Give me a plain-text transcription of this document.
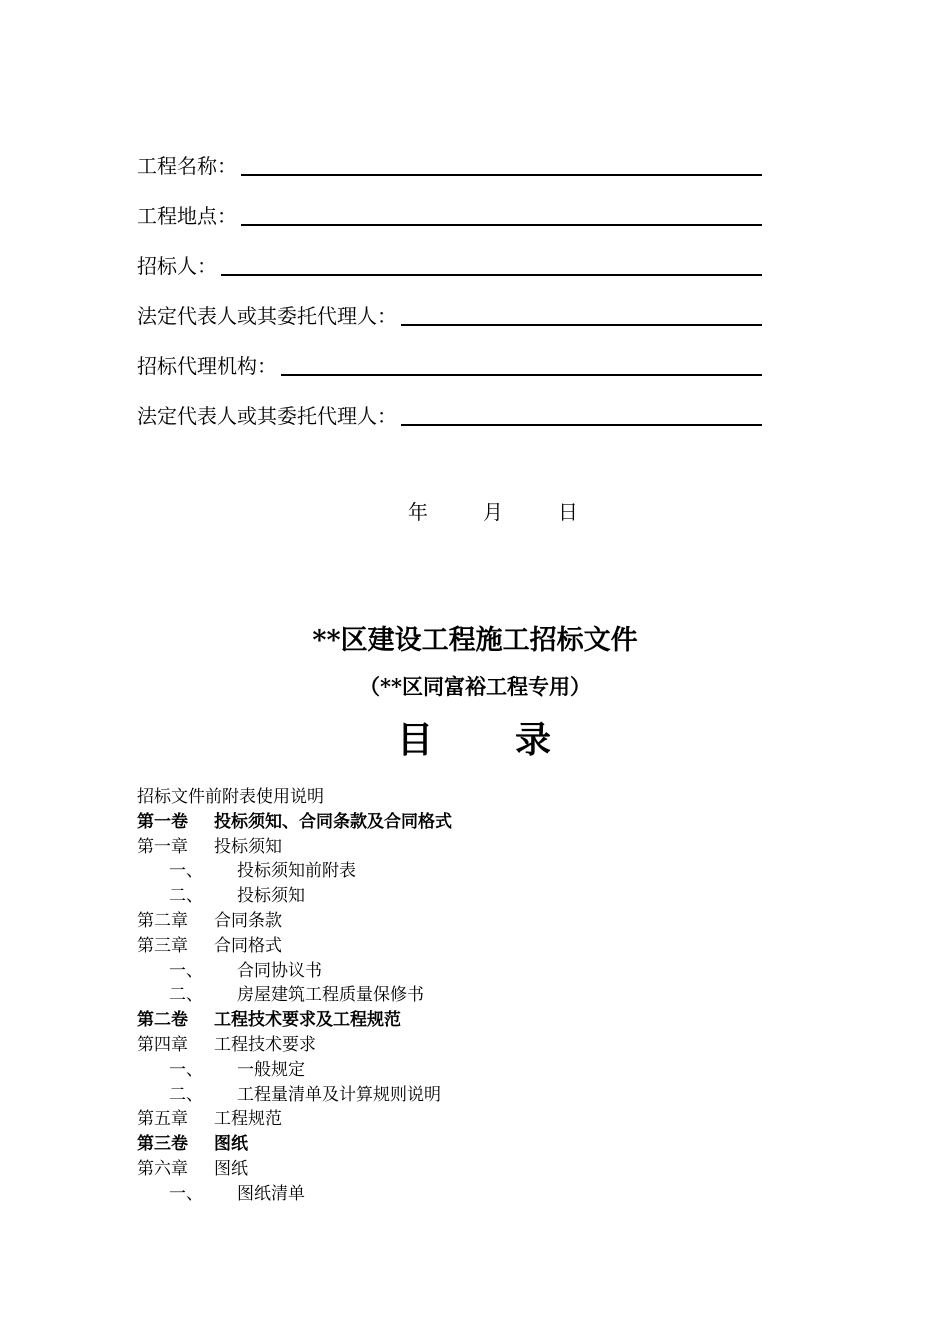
工程名称：
工程地点：
招标人：
法定代表人或其委托代理人：
招标代理机构：
法定代表人或其委托代理人：
年	月	日
**区建设工程施工招标文件
（**区同富裕工程专用）
目 录
招标文件前附表使用说明
第一卷 投标须知、合同条款及合同格式
第一章 投标须知
一、 投标须知前附表
二、 投标须知
第二章 合同条款
第三章 合同格式
一、 合同协议书
二、 房屋建筑工程质量保修书
第二卷 工程技术要求及工程规范
第四章 工程技术要求
一、 一般规定
二、 工程量清单及计算规则说明
第五章 工程规范
第三卷 图纸
第六章 图纸
一、 图纸清单
